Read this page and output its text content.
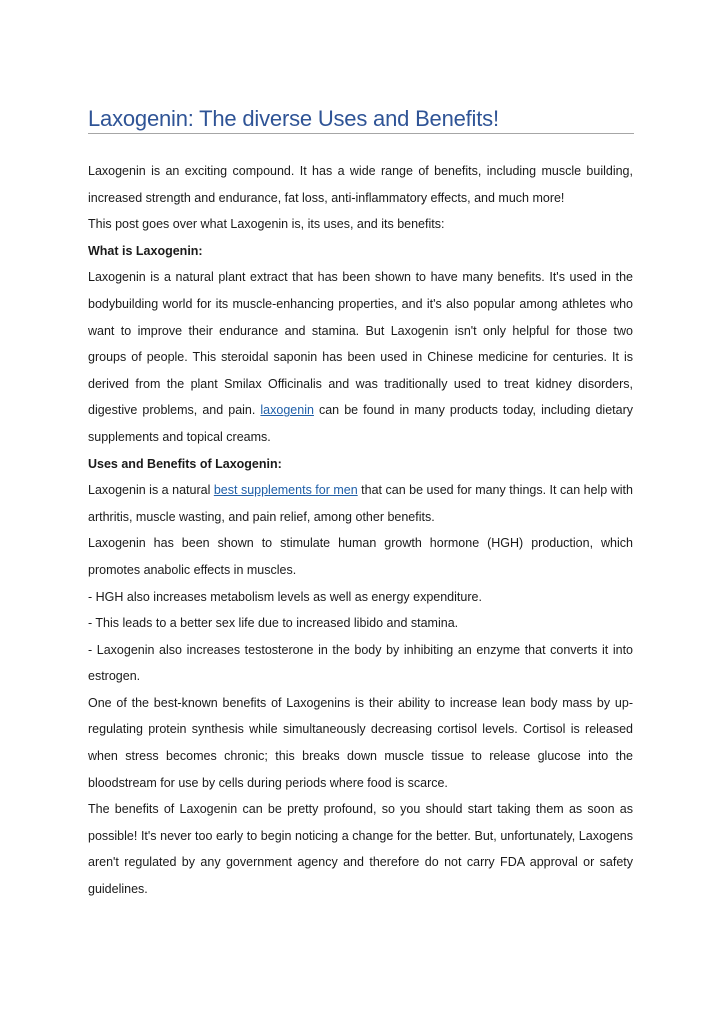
Laxogenin: The diverse Uses and Benefits!

Laxogenin is an exciting compound. It has a wide range of benefits, including muscle building, increased strength and endurance, fat loss, anti-inflammatory effects, and much more!

This post goes over what Laxogenin is, its uses, and its benefits:

What is Laxogenin:

Laxogenin is a natural plant extract that has been shown to have many benefits. It's used in the bodybuilding world for its muscle-enhancing properties, and it's also popular among athletes who want to improve their endurance and stamina. But Laxogenin isn't only helpful for those two groups of people. This steroidal saponin has been used in Chinese medicine for centuries. It is derived from the plant Smilax Officinalis and was traditionally used to treat kidney disorders, digestive problems, and pain. laxogenin can be found in many products today, including dietary supplements and topical creams.

Uses and Benefits of Laxogenin:

Laxogenin is a natural best supplements for men that can be used for many things. It can help with arthritis, muscle wasting, and pain relief, among other benefits.

Laxogenin has been shown to stimulate human growth hormone (HGH) production, which promotes anabolic effects in muscles.

- HGH also increases metabolism levels as well as energy expenditure.

- This leads to a better sex life due to increased libido and stamina.

- Laxogenin also increases testosterone in the body by inhibiting an enzyme that converts it into estrogen.

One of the best-known benefits of Laxogenins is their ability to increase lean body mass by up-regulating protein synthesis while simultaneously decreasing cortisol levels. Cortisol is released when stress becomes chronic; this breaks down muscle tissue to release glucose into the bloodstream for use by cells during periods where food is scarce.

The benefits of Laxogenin can be pretty profound, so you should start taking them as soon as possible! It's never too early to begin noticing a change for the better. But, unfortunately, Laxogens aren't regulated by any government agency and therefore do not carry FDA approval or safety guidelines.
